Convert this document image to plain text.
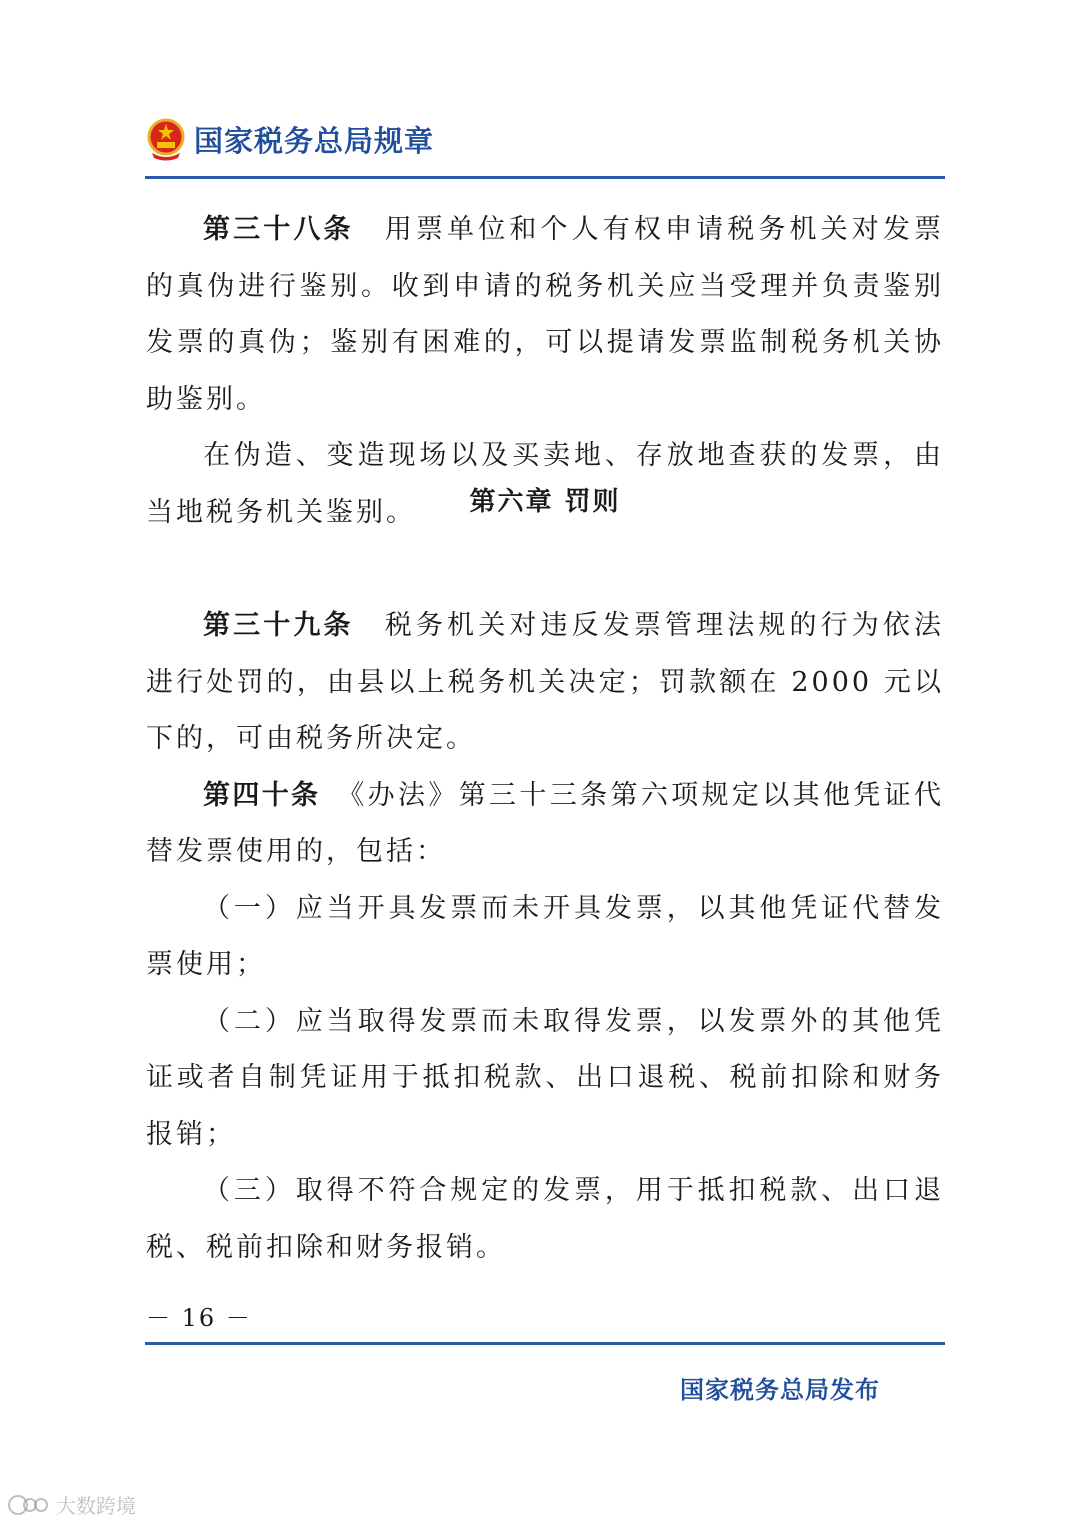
国家税务总局规章

第三十八条　 用票单位和个人有权申请税务机关对发票的真伪进行鉴别。收到申请的税务机关应当受理并负责鉴别发票的真伪；鉴别有困难的，可以提请发票监制税务机关协助鉴别。

在伪造、变造现场以及买卖地、存放地查获的发票，由当地税务机关鉴别。	第六章 罚则

第三十九条　 税务机关对违反发票管理法规的行为依法进行处罚的，由县以上税务机关决定；罚款额在 2000 元以下的，可由税务所决定。

第四十条　 《办法》第三十三条第六项规定以其他凭证代替发票使用的，包括：

（一）应当开具发票而未开具发票，以其他凭证代替发票使用；

（二）应当取得发票而未取得发票，以发票外的其他凭证或者自制凭证用于抵扣税款、出口退税、税前扣除和财务报销；

（三）取得不符合规定的发票，用于抵扣税款、出口退税、税前扣除和财务报销。

－ 16 －
国家税务总局发布
大数跨境
